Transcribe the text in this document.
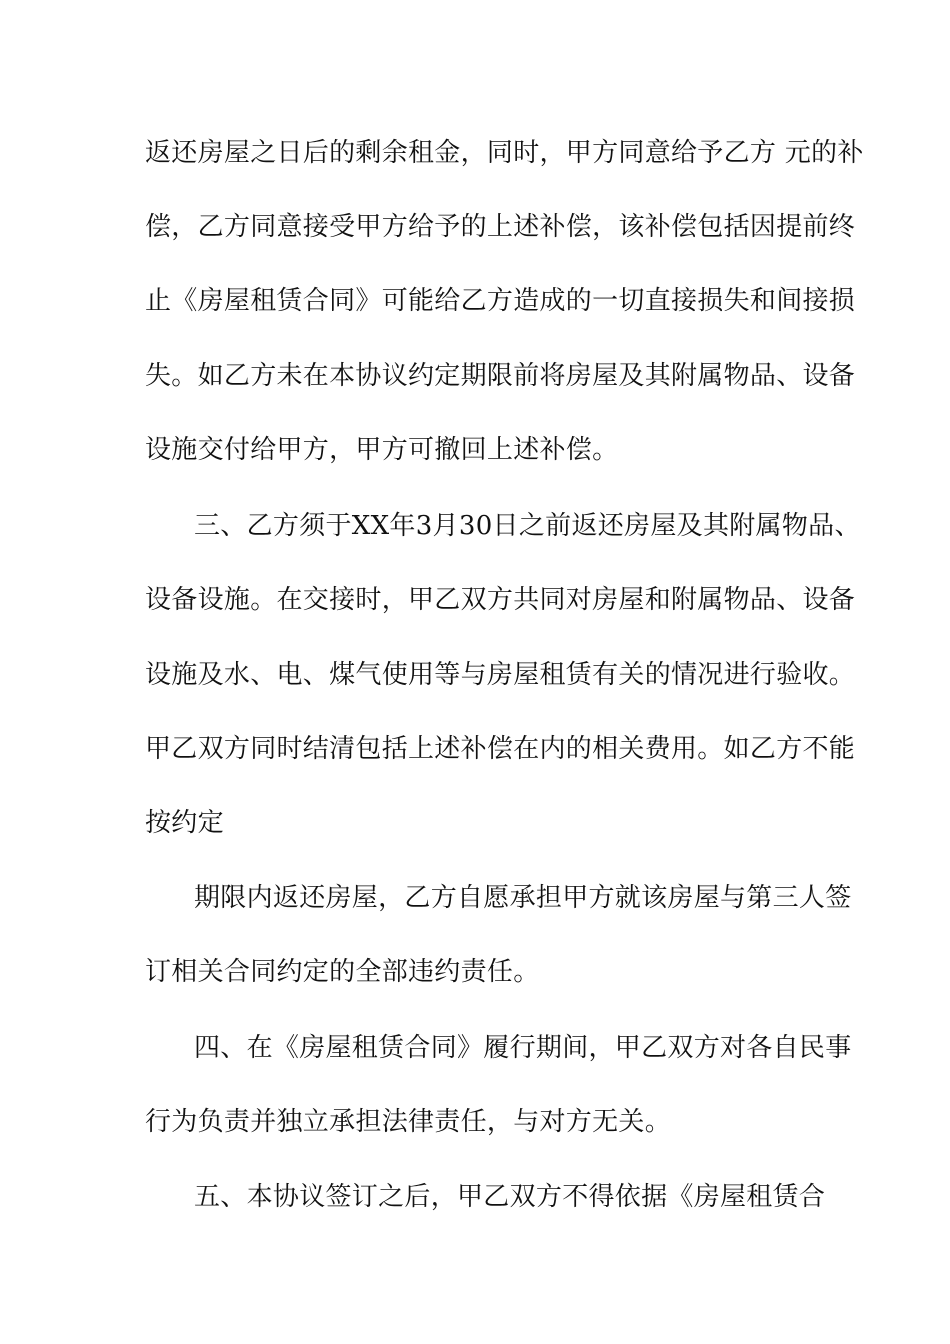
返还房屋之日后的剩余租金，同时，甲方同意给予乙方 元的补
偿，乙方同意接受甲方给予的上述补偿，该补偿包括因提前终
止《房屋租赁合同》可能给乙方造成的一切直接损失和间接损
失。如乙方未在本协议约定期限前将房屋及其附属物品、设备
设施交付给甲方，甲方可撤回上述补偿。
三、乙方须于XX年3月30日之前返还房屋及其附属物品、
设备设施。在交接时，甲乙双方共同对房屋和附属物品、设备
设施及水、电、煤气使用等与房屋租赁有关的情况进行验收。
甲乙双方同时结清包括上述补偿在内的相关费用。如乙方不能
按约定
期限内返还房屋，乙方自愿承担甲方就该房屋与第三人签
订相关合同约定的全部违约责任。
四、在《房屋租赁合同》履行期间，甲乙双方对各自民事
行为负责并独立承担法律责任，与对方无关。
五、本协议签订之后，甲乙双方不得依据《房屋租赁合
